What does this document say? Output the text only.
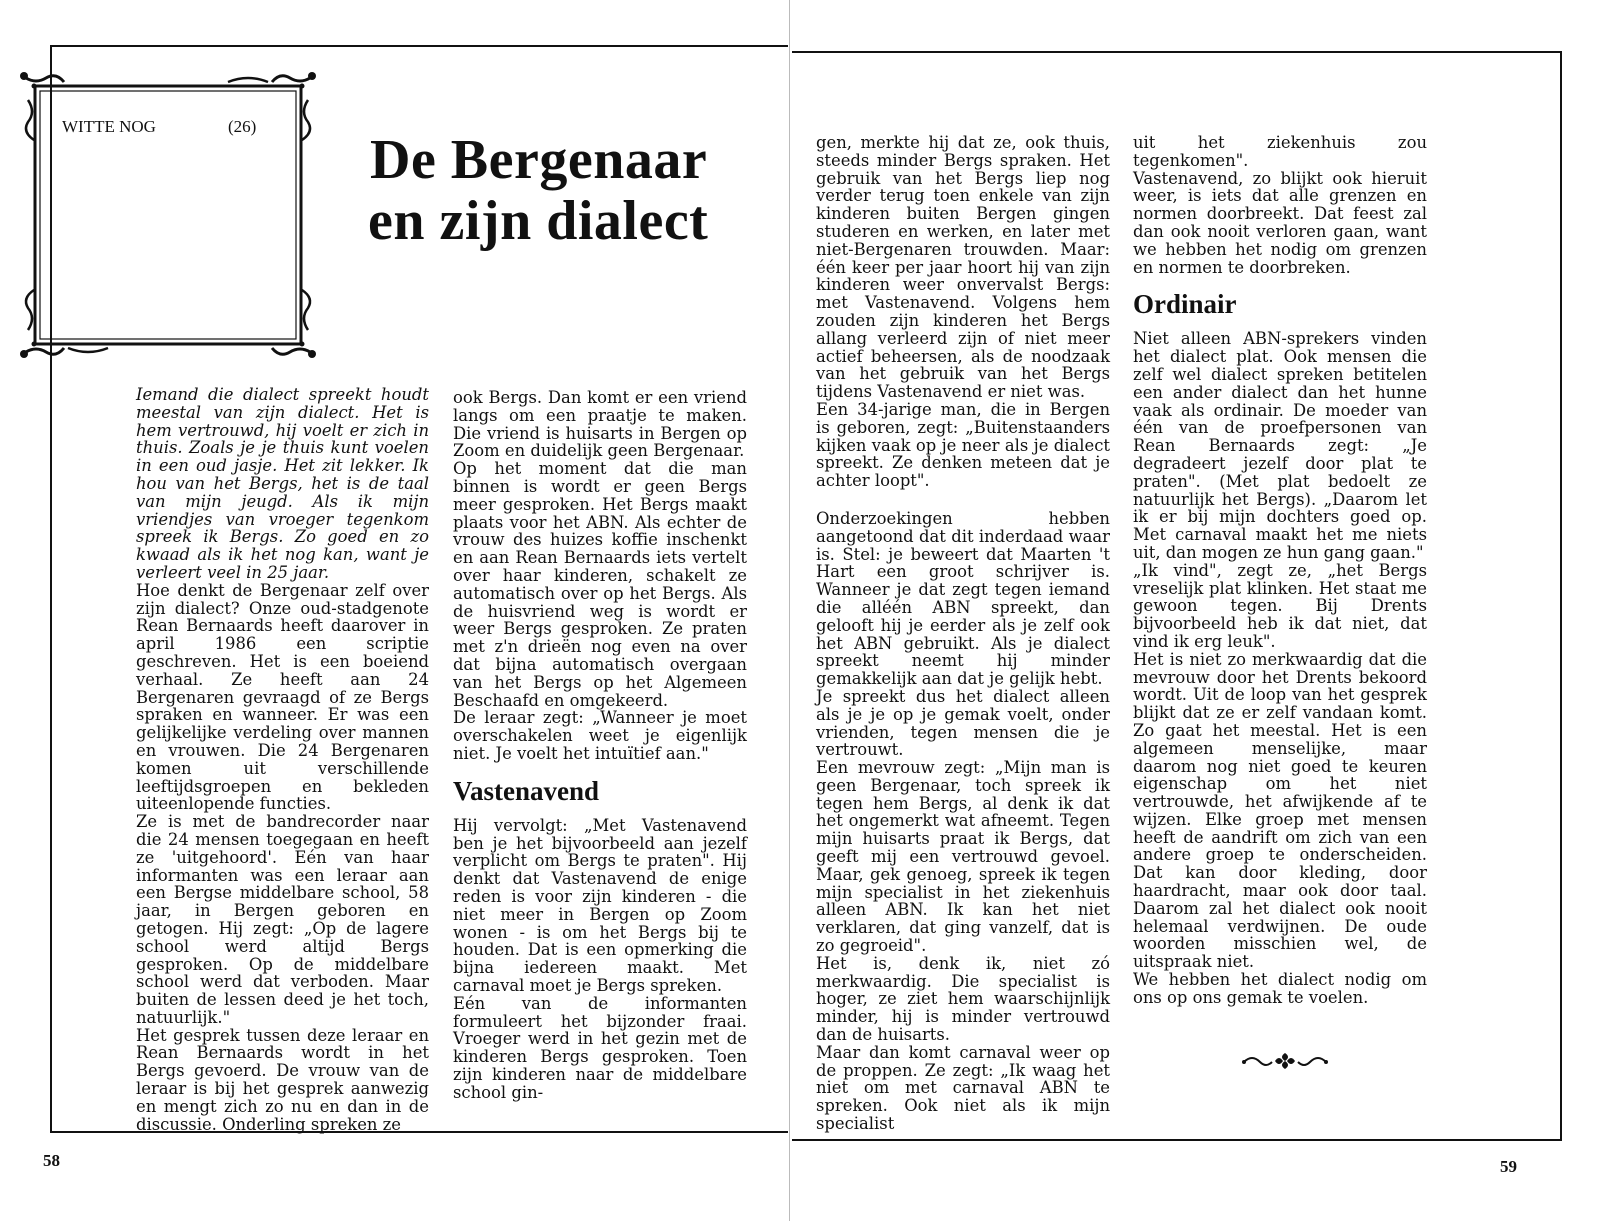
WITTE NOG	(26)
De Bergenaar
en zijn dialect

Iemand die dialect spreekt houdt meestal van zijn dialect. Het is hem vertrouwd, hij voelt er zich in thuis. Zoals je je thuis kunt voelen in een oud jasje. Het zit lekker. Ik hou van het Bergs, het is de taal van mijn jeugd. Als ik mijn vriendjes van vroeger tegenkom spreek ik Bergs. Zo goed en zo kwaad als ik het nog kan, want je verleert veel in 25 jaar.

Hoe denkt de Bergenaar zelf over zijn dialect? Onze oud-stadgenote Rean Bernaards heeft daarover in april 1986 een scriptie geschreven. Het is een boeiend verhaal. Ze heeft aan 24 Bergenaren gevraagd of ze Bergs spraken en wanneer. Er was een gelijkelijke verdeling over mannen en vrouwen. Die 24 Bergenaren komen uit verschillende leeftijdsgroepen en bekleden uiteenlopende functies.

Ze is met de bandrecorder naar die 24 mensen toegegaan en heeft ze 'uitgehoord'. Eén van haar informanten was een leraar aan een Bergse middelbare school, 58 jaar, in Bergen geboren en getogen. Hij zegt: „Op de lagere school werd altijd Bergs gesproken. Op de middelbare school werd dat verboden. Maar buiten de lessen deed je het toch, natuurlijk."

Het gesprek tussen deze leraar en Rean Bernaards wordt in het Bergs gevoerd. De vrouw van de leraar is bij het gesprek aanwezig en mengt zich zo nu en dan in de discussie. Onderling spreken ze

ook Bergs. Dan komt er een vriend langs om een praatje te maken. Die vriend is huisarts in Bergen op Zoom en duidelijk geen Bergenaar.

Op het moment dat die man binnen is wordt er geen Bergs meer gesproken. Het Bergs maakt plaats voor het ABN. Als echter de vrouw des huizes koffie inschenkt en aan Rean Bernaards iets vertelt over haar kinderen, schakelt ze automatisch over op het Bergs. Als de huisvriend weg is wordt er weer Bergs gesproken. Ze praten met z'n drieën nog even na over dat bijna automatisch overgaan van het Bergs op het Algemeen Beschaafd en omgekeerd.

De leraar zegt: „Wanneer je moet overschakelen weet je eigenlijk niet. Je voelt het intuïtief aan."

Vastenavend

Hij vervolgt: „Met Vastenavend ben je het bijvoorbeeld aan jezelf verplicht om Bergs te praten". Hij denkt dat Vastenavend de enige reden is voor zijn kinderen - die niet meer in Bergen op Zoom wonen - is om het Bergs bij te houden. Dat is een opmerking die bijna iedereen maakt. Met carnaval moet je Bergs spreken.

Eén van de informanten formuleert het bijzonder fraai. Vroeger werd in het gezin met de kinderen Bergs gesproken. Toen zijn kinderen naar de middelbare school gin-

gen, merkte hij dat ze, ook thuis, steeds minder Bergs spraken. Het gebruik van het Bergs liep nog verder terug toen enkele van zijn kinderen buiten Bergen gingen studeren en werken, en later met niet-Bergenaren trouwden. Maar: één keer per jaar hoort hij van zijn kinderen weer onvervalst Bergs: met Vastenavend. Volgens hem zouden zijn kinderen het Bergs allang verleerd zijn of niet meer actief beheersen, als de noodzaak van het gebruik van het Bergs tijdens Vastenavend er niet was.

Een 34-jarige man, die in Bergen is geboren, zegt: „Buitenstaanders kijken vaak op je neer als je dialect spreekt. Ze denken meteen dat je achter loopt".

Onderzoekingen hebben aangetoond dat dit inderdaad waar is. Stel: je beweert dat Maarten 't Hart een groot schrijver is. Wanneer je dat zegt tegen iemand die alléén ABN spreekt, dan gelooft hij je eerder als je zelf ook het ABN gebruikt. Als je dialect spreekt neemt hij minder gemakkelijk aan dat je gelijk hebt.

Je spreekt dus het dialect alleen als je je op je gemak voelt, onder vrienden, tegen mensen die je vertrouwt.

Een mevrouw zegt: „Mijn man is geen Bergenaar, toch spreek ik tegen hem Bergs, al denk ik dat het ongemerkt wat afneemt. Tegen mijn huisarts praat ik Bergs, dat geeft mij een vertrouwd gevoel. Maar, gek genoeg, spreek ik tegen mijn specialist in het ziekenhuis alleen ABN. Ik kan het niet verklaren, dat ging vanzelf, dat is zo gegroeid".

Het is, denk ik, niet zó merkwaardig. Die specialist is hoger, ze ziet hem waarschijnlijk minder, hij is minder vertrouwd dan de huisarts.

Maar dan komt carnaval weer op de proppen. Ze zegt: „Ik waag het niet om met carnaval ABN te spreken. Ook niet als ik mijn specialist

uit het ziekenhuis zou tegenkomen".

Vastenavend, zo blijkt ook hieruit weer, is iets dat alle grenzen en normen doorbreekt. Dat feest zal dan ook nooit verloren gaan, want we hebben het nodig om grenzen en normen te doorbreken.

Ordinair

Niet alleen ABN-sprekers vinden het dialect plat. Ook mensen die zelf wel dialect spreken betitelen een ander dialect dan het hunne vaak als ordinair. De moeder van één van de proefpersonen van Rean Bernaards zegt: „Je degradeert jezelf door plat te praten". (Met plat bedoelt ze natuurlijk het Bergs). „Daarom let ik er bij mijn dochters goed op. Met carnaval maakt het me niets uit, dan mogen ze hun gang gaan."

„Ik vind", zegt ze, „het Bergs vreselijk plat klinken. Het staat me gewoon tegen. Bij Drents bijvoorbeeld heb ik dat niet, dat vind ik erg leuk".

Het is niet zo merkwaardig dat die mevrouw door het Drents bekoord wordt. Uit de loop van het gesprek blijkt dat ze er zelf vandaan komt. Zo gaat het meestal. Het is een algemeen menselijke, maar daarom nog niet goed te keuren eigenschap om het niet vertrouwde, het afwijkende af te wijzen. Elke groep met mensen heeft de aandrift om zich van een andere groep te onderscheiden. Dat kan door kleding, door haardracht, maar ook door taal. Daarom zal het dialect ook nooit helemaal verdwijnen. De oude woorden misschien wel, de uitspraak niet.

We hebben het dialect nodig om ons op ons gemak te voelen.

58	59
